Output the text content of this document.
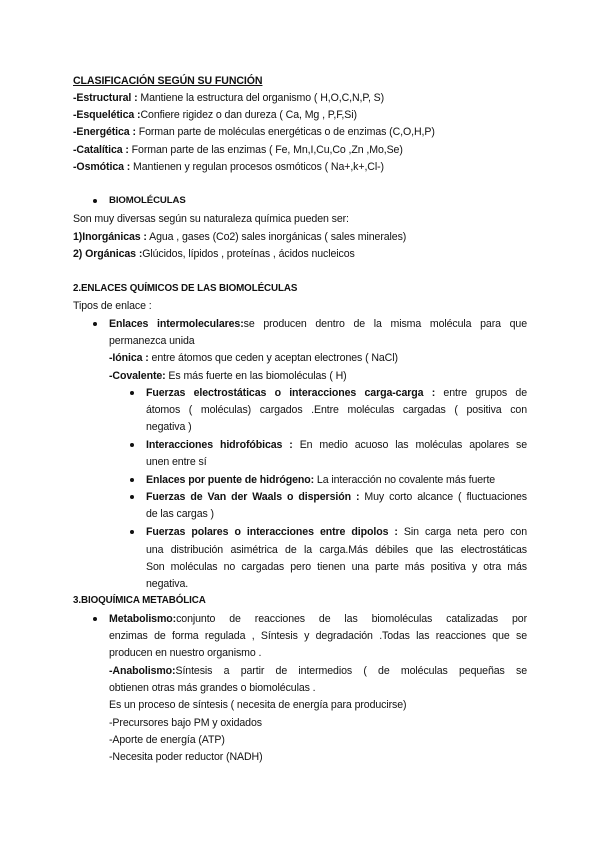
CLASIFICACIÓN SEGÚN SU FUNCIÓN
-Estructural : Mantiene la estructura del organismo ( H,O,C,N,P, S)
-Esquelética :Confiere rigidez o dan dureza ( Ca, Mg , P,F,Si)
-Energética : Forman parte de moléculas energéticas o de enzimas (C,O,H,P)
-Catalítica : Forman parte de las enzimas ( Fe, Mn,I,Cu,Co ,Zn ,Mo,Se)
-Osmótica : Mantienen y regulan procesos osmóticos ( Na+,k+,Cl-)
BIOMOLÉCULAS
Son muy diversas según su naturaleza química pueden ser:
1)Inorgánicas : Agua , gases (Co2) sales inorgánicas ( sales minerales)
2) Orgánicas :Glúcidos, lípidos , proteínas , ácidos nucleicos
2.ENLACES QUÍMICOS DE LAS BIOMOLÉCULAS
Tipos de enlace :
Enlaces intermoleculares:se producen dentro de la misma molécula para que
permanezca unida
-Iónica : entre átomos que ceden y aceptan electrones ( NaCl)
-Covalente: Es más fuerte en las biomoléculas ( H)
Fuerzas electrostáticas o interacciones carga-carga : entre grupos de
átomos ( moléculas) cargados .Entre moléculas cargadas ( positiva con
negativa )
Interacciones hidrofóbicas : En medio acuoso las moléculas apolares se
unen entre sí
Enlaces por puente de hidrógeno: La interacción no covalente más fuerte
Fuerzas de Van der Waals o dispersión : Muy corto alcance ( fluctuaciones
de las cargas )
Fuerzas polares o interacciones entre dipolos : Sin carga neta pero con
una distribución asimétrica de la carga.Más débiles que las electrostáticas
Son moléculas no cargadas pero tienen una parte más positiva y otra más
negativa.
3.BIOQUÍMICA METABÓLICA
Metabolismo:conjunto de reacciones de las biomoléculas catalizadas por
enzimas de forma regulada , Síntesis y degradación .Todas las reacciones que se
producen en nuestro organismo .
-Anabolismo:Síntesis a partir de intermedios ( de moléculas pequeñas se
obtienen otras más grandes o biomoléculas .
Es un proceso de síntesis ( necesita de energía para producirse)
-Precursores bajo PM y oxidados
-Aporte de energía (ATP)
-Necesita poder reductor (NADH)
